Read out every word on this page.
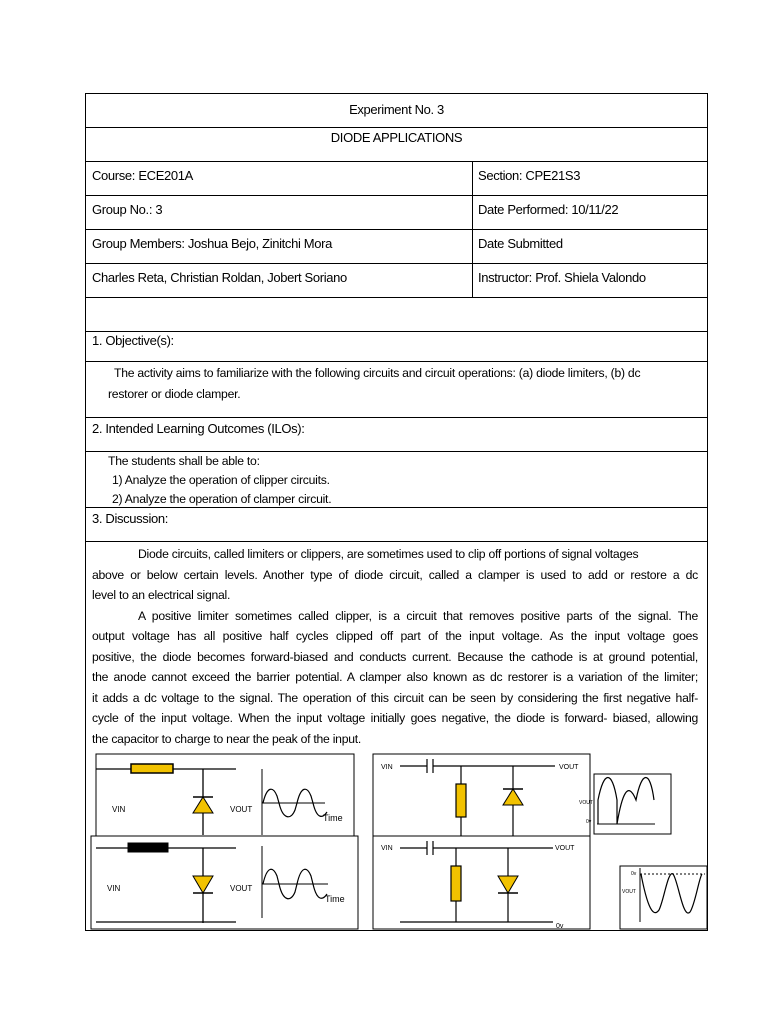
Experiment No. 3
DIODE APPLICATIONS
Course: ECE201A	Section: CPE21S3
Group No.: 3	Date Performed: 10/11/22
Group Members: Joshua Bejo, Zinitchi Mora	Date Submitted
Charles Reta, Christian Roldan, Jobert Soriano	Instructor: Prof. Shiela Valondo
1. Objective(s):
The activity aims to familiarize with the following circuits and circuit operations: (a) diode limiters, (b) dc
restorer or diode clamper.
2. Intended Learning Outcomes (ILOs):
The students shall be able to:
1) Analyze the operation of clipper circuits.
2) Analyze the operation of clamper circuit.
3. Discussion:
Diode circuits, called limiters or clippers, are sometimes used to clip off portions of signal voltages
above or below certain levels. Another type of diode circuit, called a clamper is used to add or restore a dc
level to an electrical signal.
A positive limiter sometimes called clipper, is a circuit that removes positive parts of the signal. The
output voltage has all positive half cycles clipped off part of the input voltage. As the input voltage goes
positive, the diode becomes forward-biased and conducts current. Because the cathode is at ground potential,
the anode cannot exceed the barrier potential. A clamper also known as dc restorer is a variation of the limiter;
it adds a dc voltage to the signal. The operation of this circuit can be seen by considering the first negative half-
cycle of the input voltage. When the input voltage initially goes negative, the diode is forward- biased, allowing
the capacitor to charge to near the peak of the input.
VIN	VOUT
Time
VIN	VOUT
Time
VIN	VOUT
VOUT
0v
VIN	VOUT
0v
0v
VOUT
